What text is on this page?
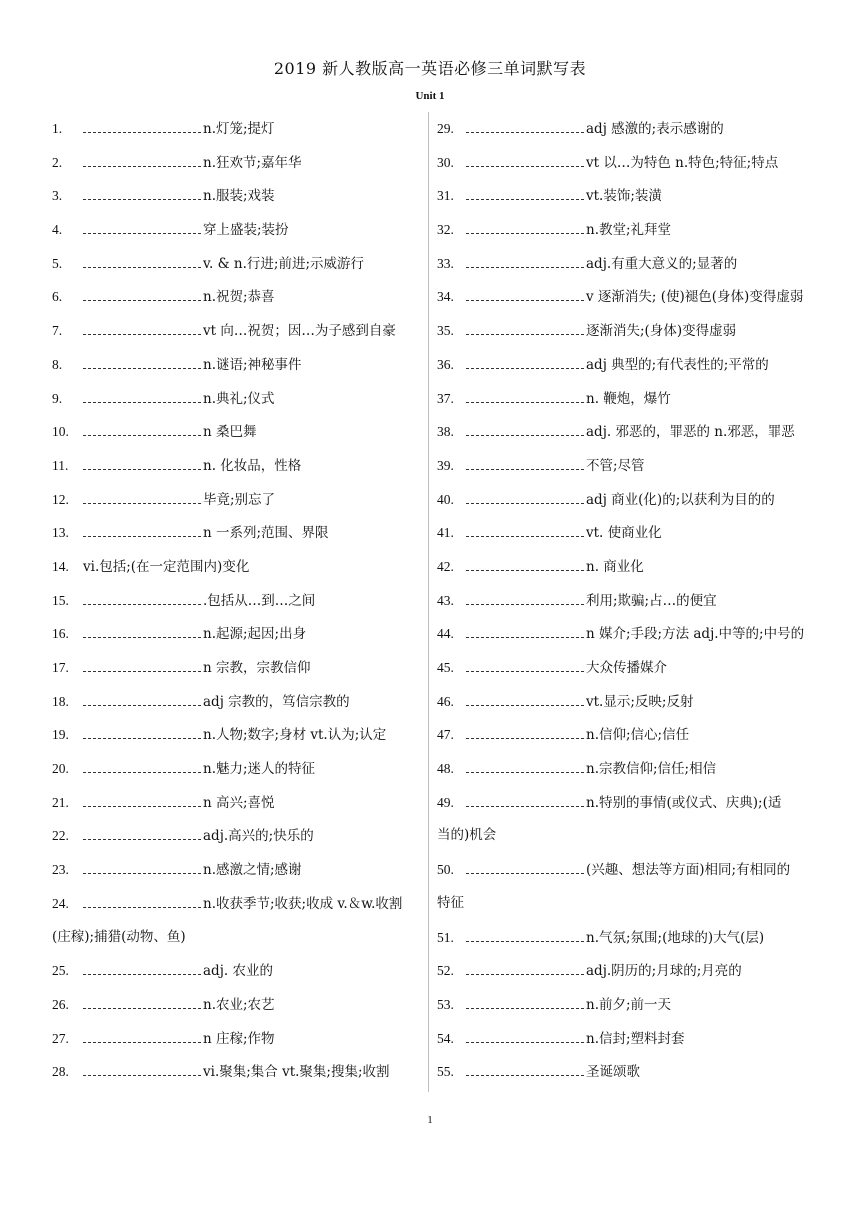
2019 新人教版高一英语必修三单词默写表
Unit 1
1.	n.灯笼;提灯
2.	n.狂欢节;嘉年华
3.	n.服装;戏装
4.	穿上盛装;装扮
5.	v. & n.行进;前进;示威游行
6.	n.祝贺;恭喜
7.	vt 向…祝贺；因…为子感到自豪
8.	n.谜语;神秘事件
9.	n.典礼;仪式
10.	n 桑巴舞
11.	n. 化妆品，性格
12.	毕竟;别忘了
13.	n 一系列;范围、界限
14.	vi.包括;(在一定范围内)变化
15.	.包括从…到…之间
16.	n.起源;起因;出身
17.	n 宗教，宗教信仰
18.	adj 宗教的，笃信宗教的
19.	n.人物;数字;身材 vt.认为;认定
20.	n.魅力;迷人的特征
21.	n 高兴;喜悦
22.	adj.高兴的;快乐的
23.	n.感激之情;感谢
24.	n.收获季节;收获;收成 v.＆w.收割
(庄稼);捕猎(动物、鱼)
25.	adj. 农业的
26.	n.农业;农艺
27.	n 庄稼;作物
28.	vi.聚集;集合 vt.聚集;搜集;收割
29.	adj 感激的;表示感谢的
30.	vt 以…为特色 n.特色;特征;特点
31.	vt.装饰;装潢
32.	n.教堂;礼拜堂
33.	adj.有重大意义的;显著的
34.	v 逐渐消失; (使)褪色(身体)变得虚弱
35.	逐渐消失;(身体)变得虚弱
36.	adj 典型的;有代表性的;平常的
37.	n. 鞭炮，爆竹
38.	adj. 邪恶的，罪恶的 n.邪恶，罪恶
39.	不管;尽管
40.	adj 商业(化)的;以获利为目的的
41.	vt. 使商业化
42.	n. 商业化
43.	利用;欺骗;占…的便宜
44.	n 媒介;手段;方法 adj.中等的;中号的
45.	大众传播媒介
46.	vt.显示;反映;反射
47.	n.信仰;信心;信任
48.	n.宗教信仰;信任;相信
49.	n.特别的事情(或仪式、庆典);(适
当的)机会
50.	(兴趣、想法等方面)相同;有相同的
特征
51.	n.气氛;氛围;(地球的)大气(层)
52.	adj.阴历的;月球的;月亮的
53.	n.前夕;前一天
54.	n.信封;塑料封套
55.	圣诞颂歌
1
